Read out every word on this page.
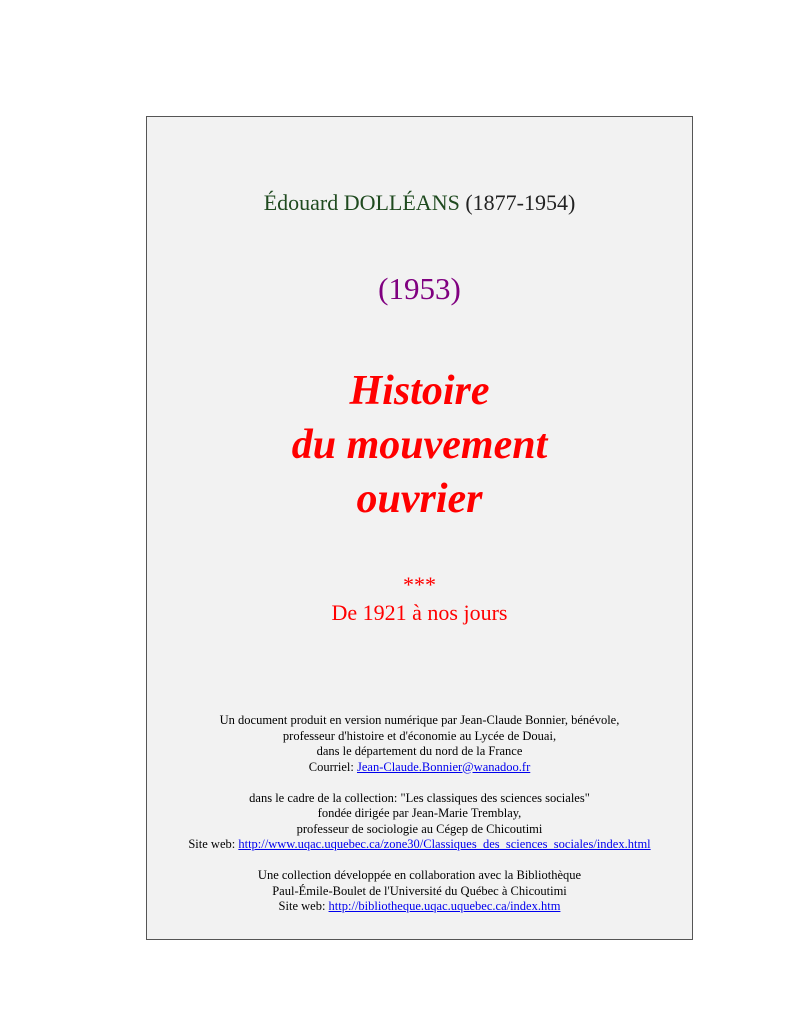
Édouard DOLLÉANS (1877-1954)
(1953)
Histoire
du mouvement
ouvrier
***
De 1921 à nos jours
Un document produit en version numérique par Jean-Claude Bonnier, bénévole,
professeur d'histoire et d'économie au Lycée de Douai,
dans le département du nord de la France
Courriel: Jean-Claude.Bonnier@wanadoo.fr
dans le cadre de la collection: "Les classiques des sciences sociales"
fondée dirigée par Jean-Marie Tremblay,
professeur de sociologie au Cégep de Chicoutimi
Site web: http://www.uqac.uquebec.ca/zone30/Classiques_des_sciences_sociales/index.html
Une collection développée en collaboration avec la Bibliothèque
Paul-Émile-Boulet de l'Université du Québec à Chicoutimi
Site web: http://bibliotheque.uqac.uquebec.ca/index.htm
